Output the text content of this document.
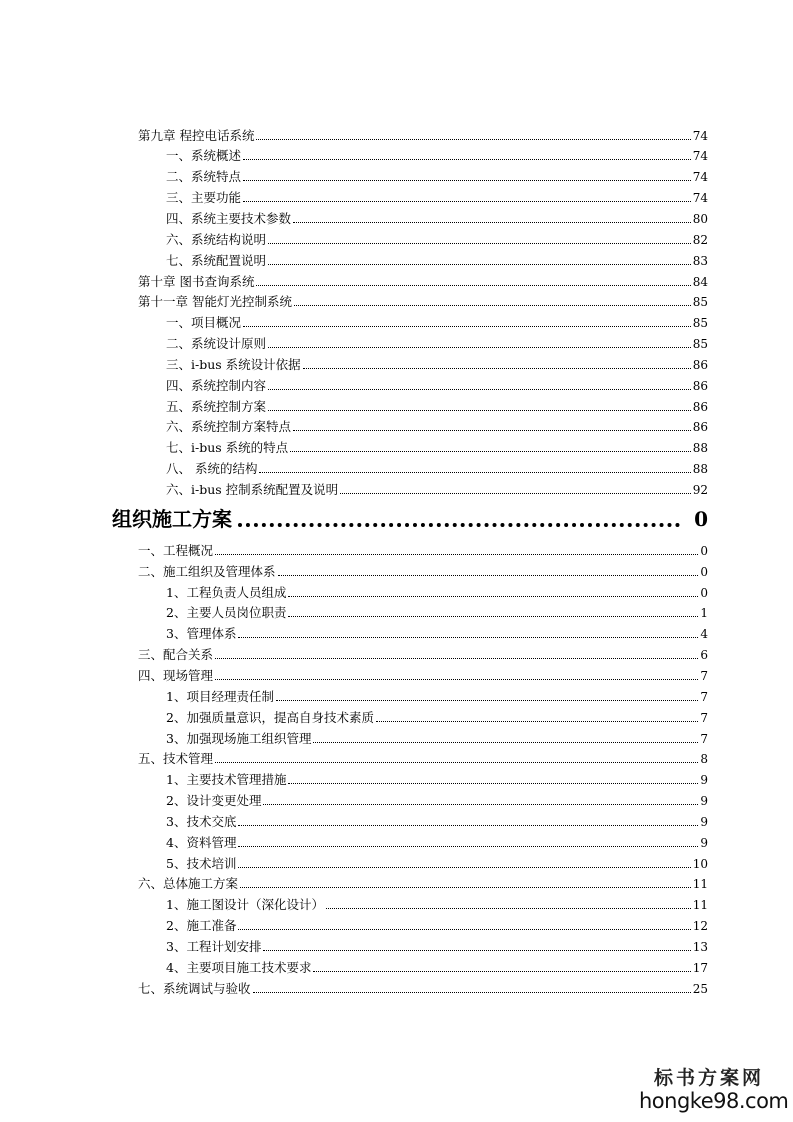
第九章 程控电话系统	74
一、系统概述	74
二、系统特点	74
三、主要功能	74
四、系统主要技术参数	80
六、系统结构说明	82
七、系统配置说明	83
第十章 图书查询系统	84
第十一章 智能灯光控制系统	85
一、项目概况	85
二、系统设计原则	85
三、i-bus 系统设计依据	86
四、系统控制内容	86
五、系统控制方案	86
六、系统控制方案特点	86
七、i-bus 系统的特点	88
八、 系统的结构	88
六、i-bus 控制系统配置及说明	92
组织施工方案	0
一、工程概况	0
二、施工组织及管理体系	0
1、工程负责人员组成	0
2、主要人员岗位职责	1
3、管理体系	4
三、配合关系	6
四、现场管理	7
1、项目经理责任制	7
2、加强质量意识，提高自身技术素质	7
3、加强现场施工组织管理	7
五、技术管理	8
1、主要技术管理措施	9
2、设计变更处理	9
3、技术交底	9
4、资料管理	9
5、技术培训	10
六、总体施工方案	11
1、施工图设计（深化设计）	11
2、施工准备	12
3、工程计划安排	13
4、主要项目施工技术要求	17
七、系统调试与验收	25
标书方案网
hongke98.com
